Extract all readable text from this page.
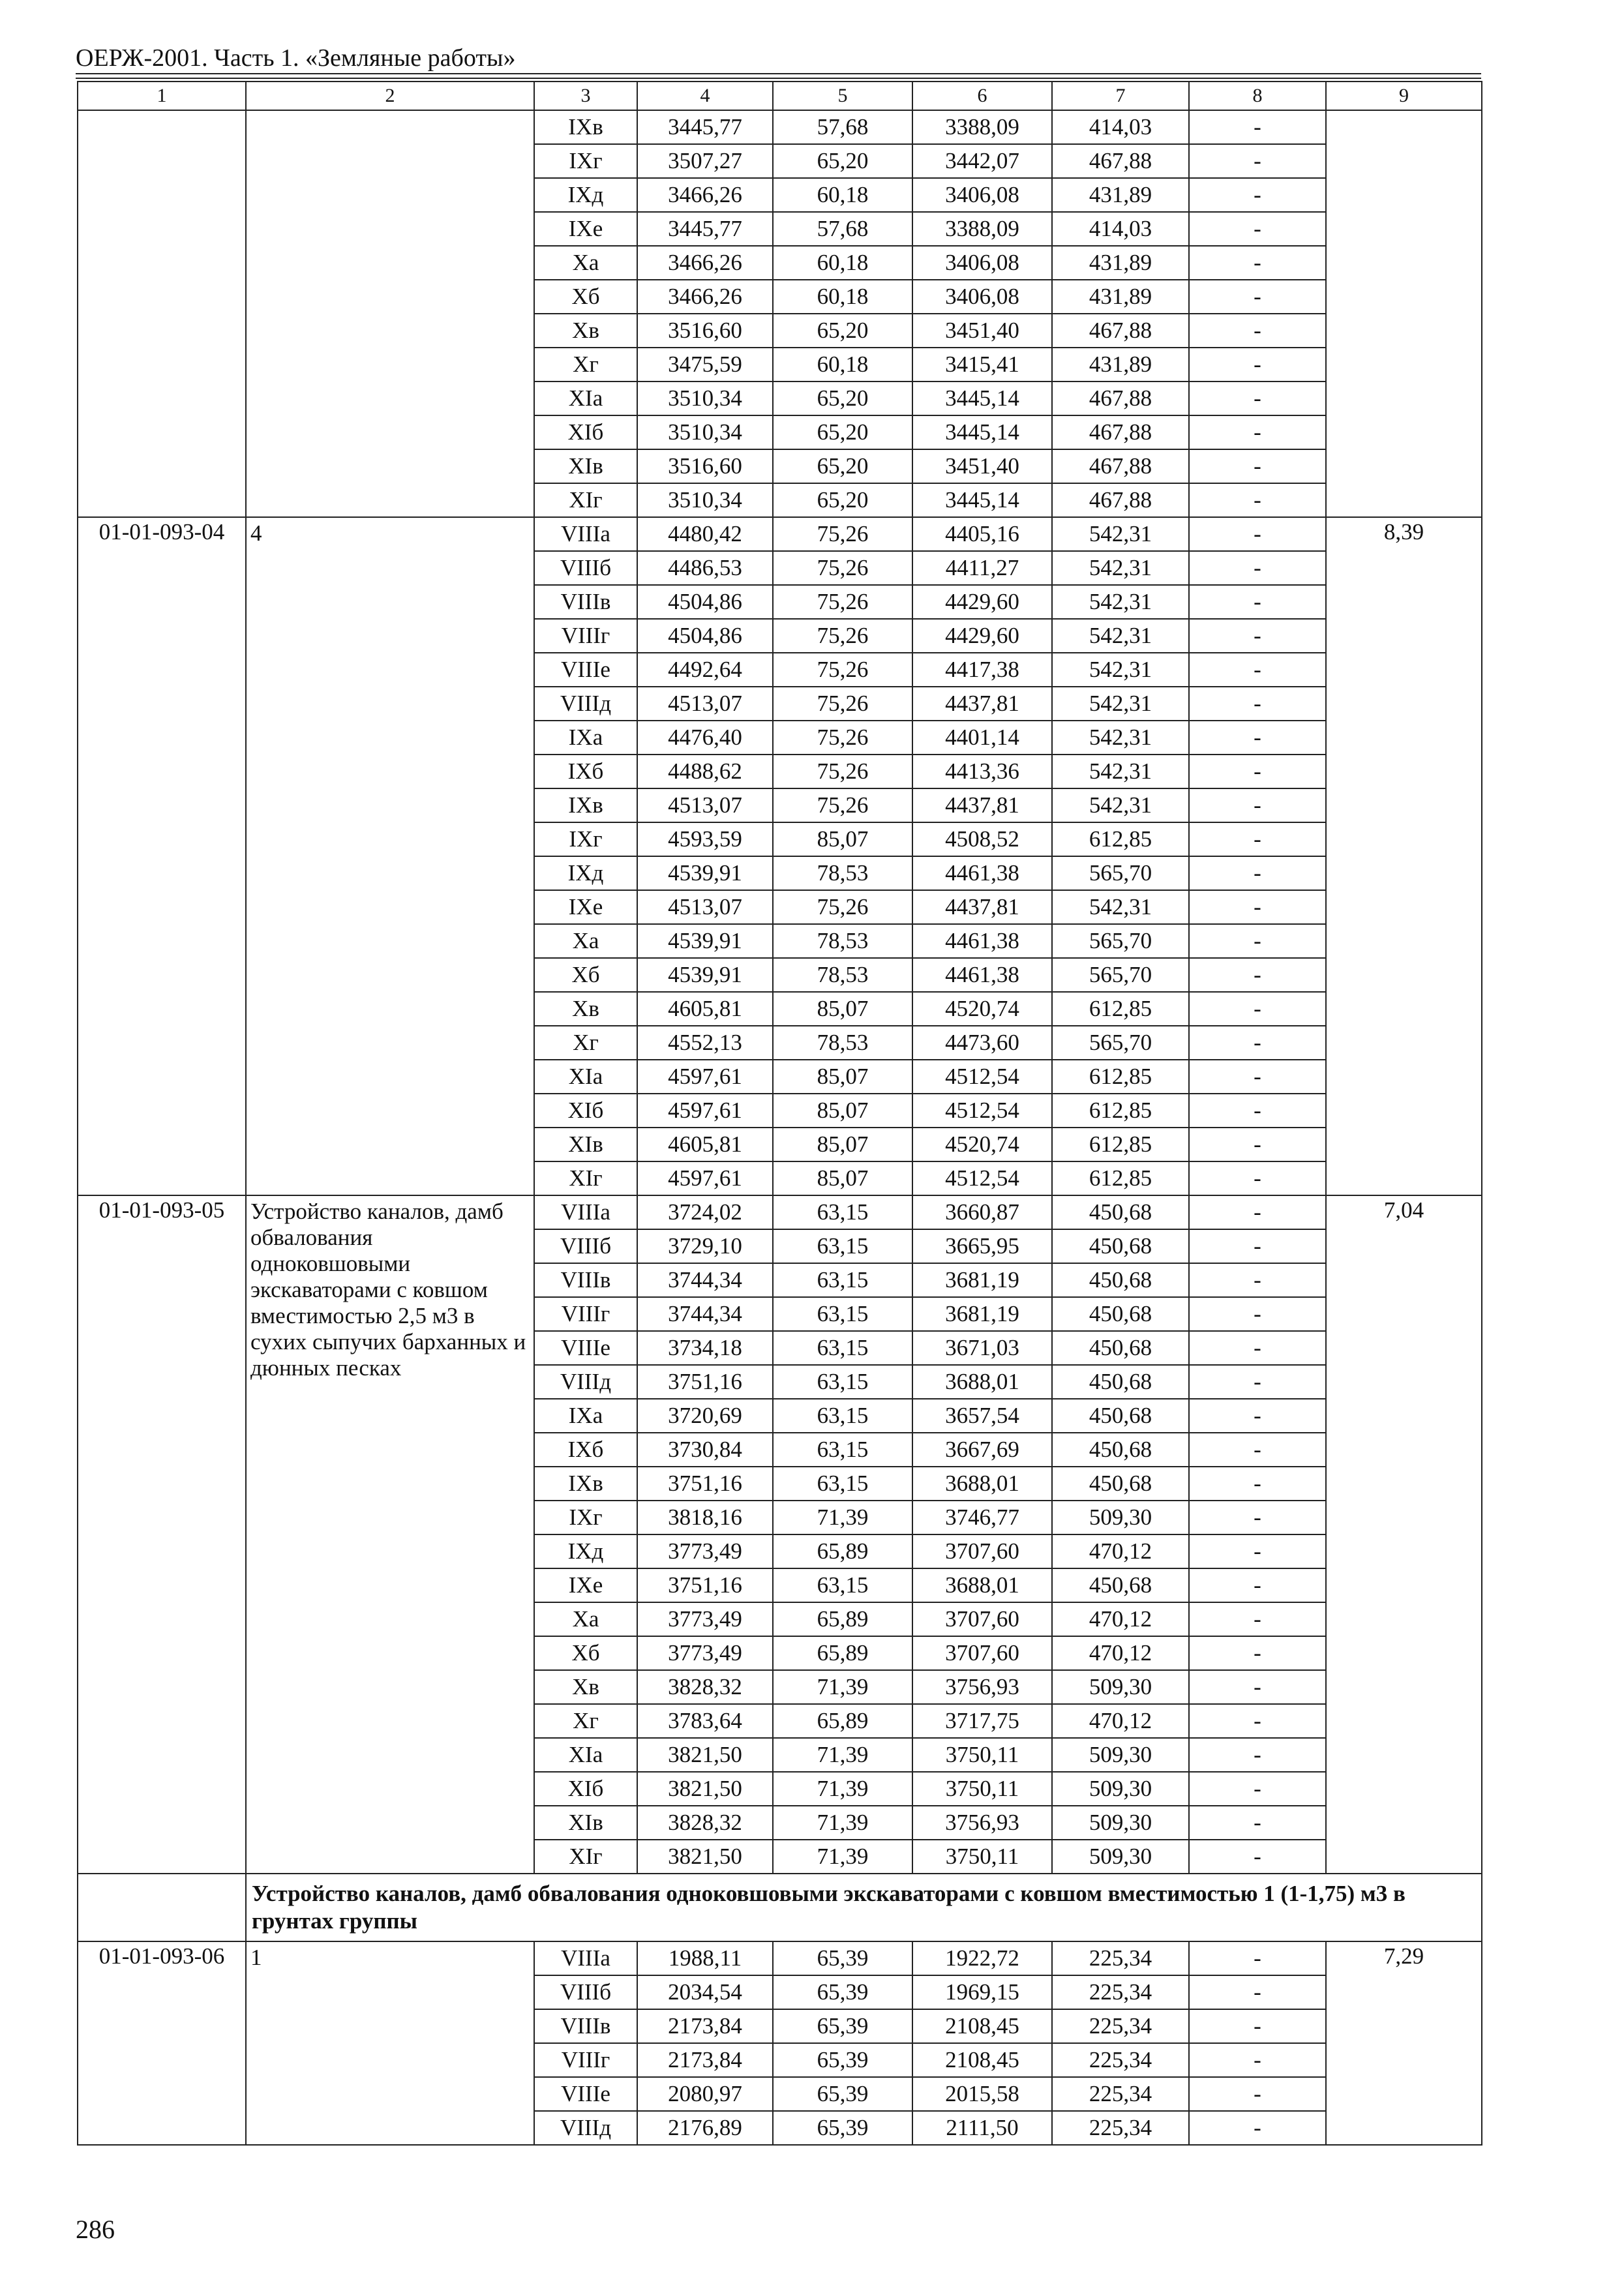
ОЕРЖ-2001. Часть 1. «Земляные работы»
1	2	3	4	5	6	7	8	9
		IXв	3445,77	57,68	3388,09	414,03	-	
		IXг	3507,27	65,20	3442,07	467,88	-	
		IXд	3466,26	60,18	3406,08	431,89	-	
		IXе	3445,77	57,68	3388,09	414,03	-	
		Xа	3466,26	60,18	3406,08	431,89	-	
		Xб	3466,26	60,18	3406,08	431,89	-	
		Xв	3516,60	65,20	3451,40	467,88	-	
		Xг	3475,59	60,18	3415,41	431,89	-	
		XIа	3510,34	65,20	3445,14	467,88	-	
		XIб	3510,34	65,20	3445,14	467,88	-	
		XIв	3516,60	65,20	3451,40	467,88	-	
		XIг	3510,34	65,20	3445,14	467,88	-	
01-01-093-04	4	VIIIа	4480,42	75,26	4405,16	542,31	-	8,39
		VIIIб	4486,53	75,26	4411,27	542,31	-	
		VIIIв	4504,86	75,26	4429,60	542,31	-	
		VIIIг	4504,86	75,26	4429,60	542,31	-	
		VIIIе	4492,64	75,26	4417,38	542,31	-	
		VIIIд	4513,07	75,26	4437,81	542,31	-	
		IXа	4476,40	75,26	4401,14	542,31	-	
		IXб	4488,62	75,26	4413,36	542,31	-	
		IXв	4513,07	75,26	4437,81	542,31	-	
		IXг	4593,59	85,07	4508,52	612,85	-	
		IXд	4539,91	78,53	4461,38	565,70	-	
		IXе	4513,07	75,26	4437,81	542,31	-	
		Xа	4539,91	78,53	4461,38	565,70	-	
		Xб	4539,91	78,53	4461,38	565,70	-	
		Xв	4605,81	85,07	4520,74	612,85	-	
		Xг	4552,13	78,53	4473,60	565,70	-	
		XIа	4597,61	85,07	4512,54	612,85	-	
		XIб	4597,61	85,07	4512,54	612,85	-	
		XIв	4605,81	85,07	4520,74	612,85	-	
		XIг	4597,61	85,07	4512,54	612,85	-	
01-01-093-05	Устройство каналов, дамб обвалования одноковшовыми экскаваторами с ковшом вместимостью 2,5 м3 в сухих сыпучих барханных и дюнных песках	VIIIа	3724,02	63,15	3660,87	450,68	-	7,04
		VIIIб	3729,10	63,15	3665,95	450,68	-	
		VIIIв	3744,34	63,15	3681,19	450,68	-	
		VIIIг	3744,34	63,15	3681,19	450,68	-	
		VIIIе	3734,18	63,15	3671,03	450,68	-	
		VIIIд	3751,16	63,15	3688,01	450,68	-	
		IXа	3720,69	63,15	3657,54	450,68	-	
		IXб	3730,84	63,15	3667,69	450,68	-	
		IXв	3751,16	63,15	3688,01	450,68	-	
		IXг	3818,16	71,39	3746,77	509,30	-	
		IXд	3773,49	65,89	3707,60	470,12	-	
		IXе	3751,16	63,15	3688,01	450,68	-	
		Xа	3773,49	65,89	3707,60	470,12	-	
		Xб	3773,49	65,89	3707,60	470,12	-	
		Xв	3828,32	71,39	3756,93	509,30	-	
		Xг	3783,64	65,89	3717,75	470,12	-	
		XIа	3821,50	71,39	3750,11	509,30	-	
		XIб	3821,50	71,39	3750,11	509,30	-	
		XIв	3828,32	71,39	3756,93	509,30	-	
		XIг	3821,50	71,39	3750,11	509,30	-	
	Устройство каналов, дамб обвалования одноковшовыми экскаваторами с ковшом вместимостью 1 (1-1,75) м3 в грунтах группы							
01-01-093-06	1	VIIIа	1988,11	65,39	1922,72	225,34	-	7,29
		VIIIб	2034,54	65,39	1969,15	225,34	-	
		VIIIв	2173,84	65,39	2108,45	225,34	-	
		VIIIг	2173,84	65,39	2108,45	225,34	-	
		VIIIе	2080,97	65,39	2015,58	225,34	-	
		VIIIд	2176,89	65,39	2111,50	225,34	-	
286
